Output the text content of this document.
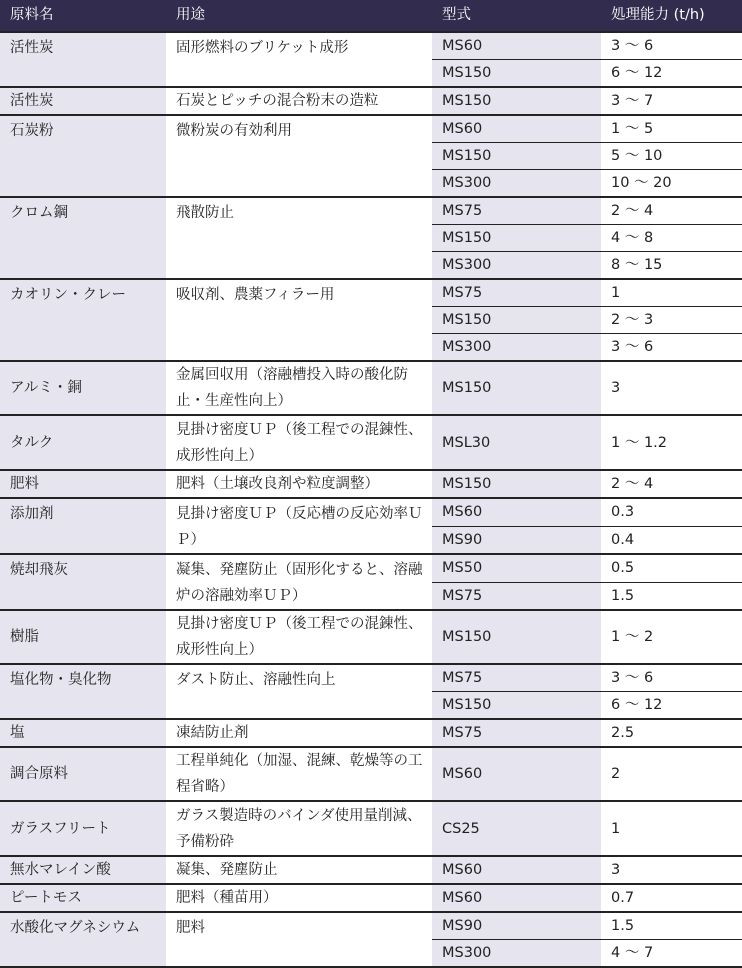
原料名	用途	型式	処理能力 (t/h)
活性炭	固形燃料のブリケット成形	MS60	3 〜 6
		MS150	6 〜 12
活性炭	石炭とピッチの混合粉末の造粒	MS150	3 〜 7
石炭粉	微粉炭の有効利用	MS60	1 〜 5
		MS150	5 〜 10
		MS300	10 〜 20
クロム鋼	飛散防止	MS75	2 〜 4
		MS150	4 〜 8
		MS300	8 〜 15
カオリン・クレー	吸収剤、農薬フィラー用	MS75	1
		MS150	2 〜 3
		MS300	3 〜 6
アルミ・銅	金属回収用（溶融槽投入時の酸化防止・生産性向上）	MS150	3
タルク	見掛け密度ＵＰ（後工程での混錬性、成形性向上）	MSL30	1 〜 1.2
肥料	肥料（土壌改良剤や粒度調整）	MS150	2 〜 4
添加剤	見掛け密度ＵＰ（反応槽の反応効率ＵＰ）	MS60	0.3
		MS90	0.4
焼却飛灰	凝集、発塵防止（固形化すると、溶融炉の溶融効率ＵＰ）	MS50	0.5
		MS75	1.5
樹脂	見掛け密度ＵＰ（後工程での混錬性、成形性向上）	MS150	1 〜 2
塩化物・臭化物	ダスト防止、溶融性向上	MS75	3 〜 6
		MS150	6 〜 12
塩	凍結防止剤	MS75	2.5
調合原料	工程単純化（加湿、混練、乾燥等の工程省略）	MS60	2
ガラスフリート	ガラス製造時のバインダ使用量削減、予備粉砕	CS25	1
無水マレイン酸	凝集、発塵防止	MS60	3
ピートモス	肥料（種苗用）	MS60	0.7
水酸化マグネシウム	肥料	MS90	1.5
		MS300	4 〜 7
